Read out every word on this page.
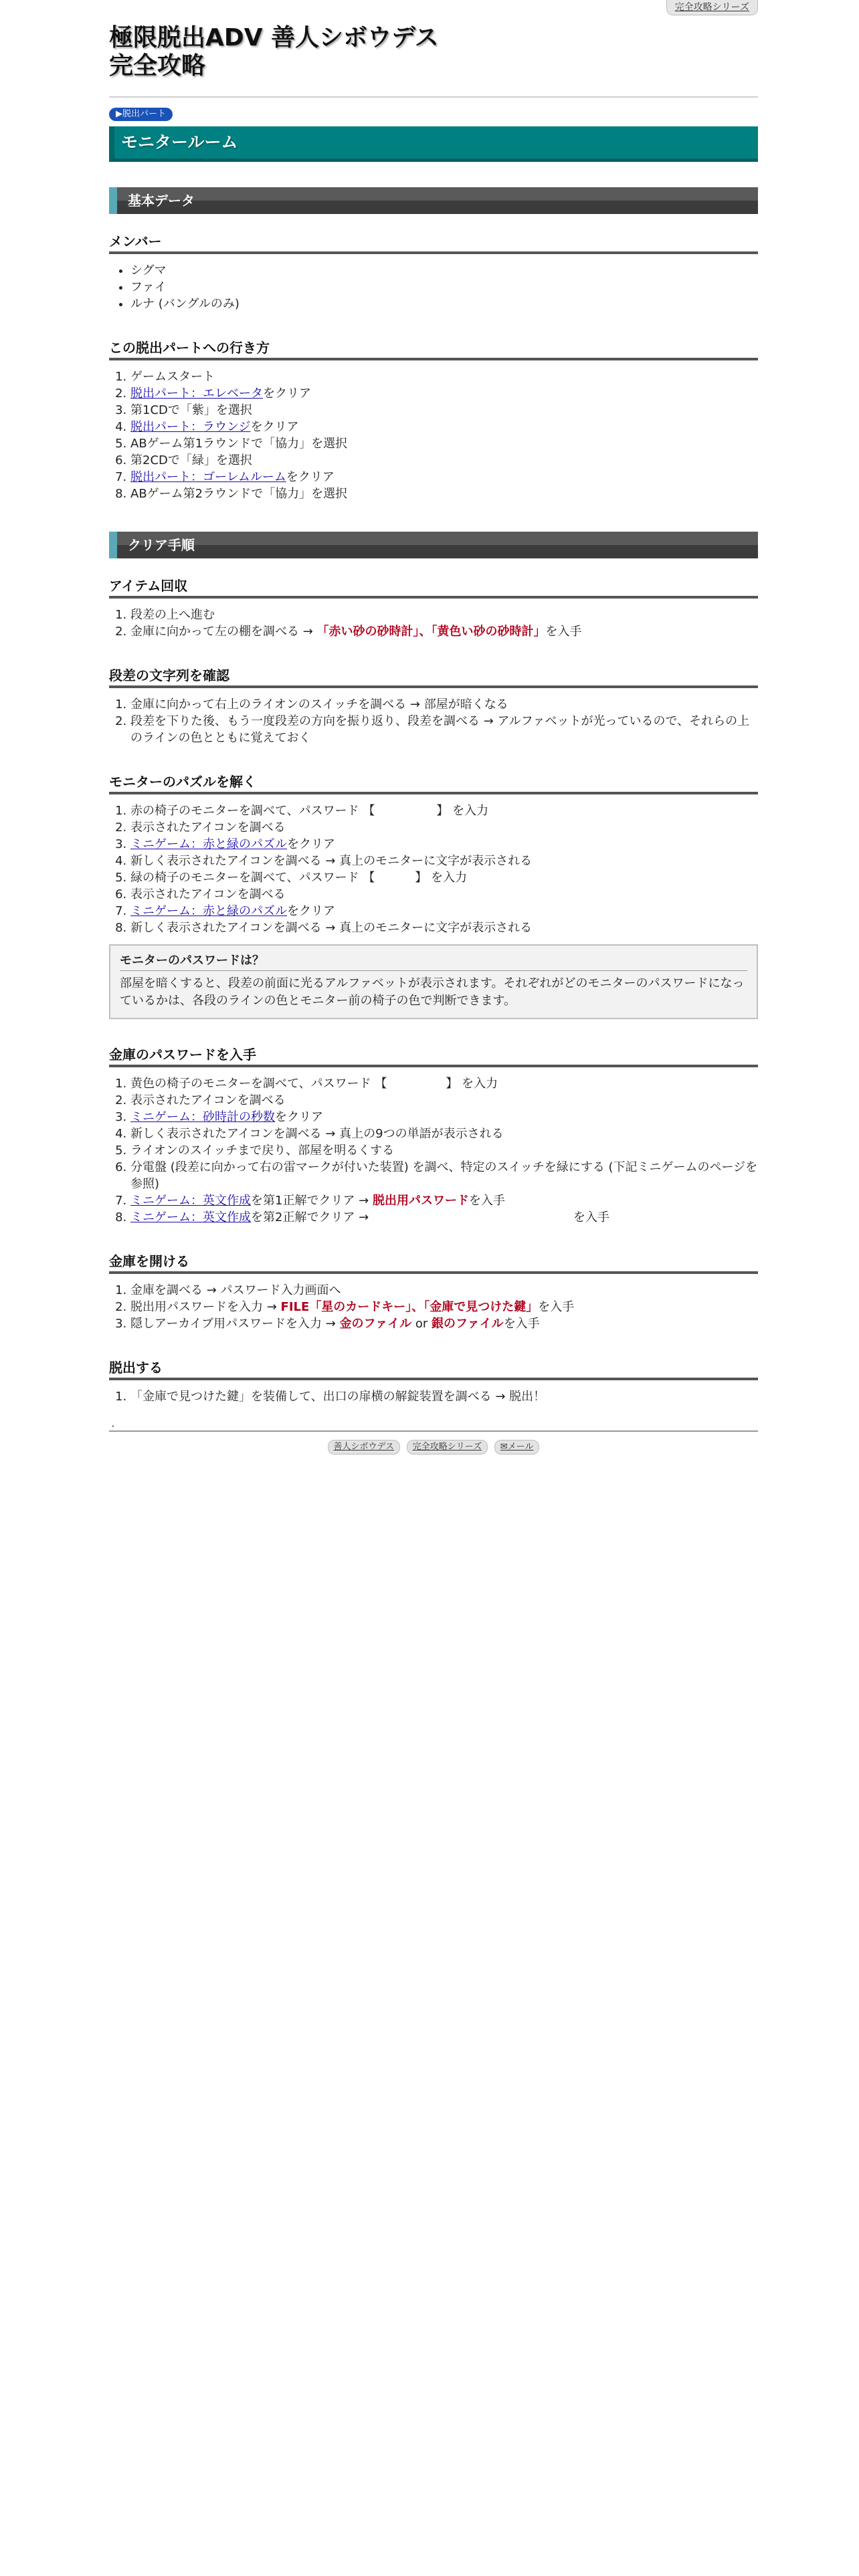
完全攻略シリーズ
極限脱出ADV 善人シボウデス
完全攻略
▶脱出パート
モニタールーム
基本データ
メンバー
• シグマ
• ファイ
• ルナ (バングルのみ)
この脱出パートへの行き方
1. ゲームスタート
2. 脱出パート：エレベータをクリア
3. 第1CDで「紫」を選択
4. 脱出パート：ラウンジをクリア
5. ABゲーム第1ラウンドで「協力」を選択
6. 第2CDで「緑」を選択
7. 脱出パート：ゴーレムルームをクリア
8. ABゲーム第2ラウンドで「協力」を選択
クリア手順
アイテム回収
1. 段差の上へ進む
2. 金庫に向かって左の棚を調べる → 「赤い砂の砂時計」、「黄色い砂の砂時計」を入手
段差の文字列を確認
1. 金庫に向かって右上のライオンのスイッチを調べる → 部屋が暗くなる
2. 段差を下りた後、もう一度段差の方向を振り返り、段差を調べる → アルファベットが光っているので、それらの上のラインの色とともに覚えておく
モニターのパズルを解く
1. 赤の椅子のモニターを調べて、パスワード 【	】 を入力
2. 表示されたアイコンを調べる
3. ミニゲーム：赤と緑のパズルをクリア
4. 新しく表示されたアイコンを調べる → 真上のモニターに文字が表示される
5. 緑の椅子のモニターを調べて、パスワード 【	】 を入力
6. 表示されたアイコンを調べる
7. ミニゲーム：赤と緑のパズルをクリア
8. 新しく表示されたアイコンを調べる → 真上のモニターに文字が表示される
モニターのパスワードは？
部屋を暗くすると、段差の前面に光るアルファベットが表示されます。それぞれがどのモニターのパスワードになっているかは、各段のラインの色とモニター前の椅子の色で判断できます。
金庫のパスワードを入手
1. 黄色の椅子のモニターを調べて、パスワード 【	】 を入力
2. 表示されたアイコンを調べる
3. ミニゲーム：砂時計の秒数をクリア
4. 新しく表示されたアイコンを調べる → 真上の9つの単語が表示される
5. ライオンのスイッチまで戻り、部屋を明るくする
6. 分電盤 (段差に向かって右の雷マークが付いた装置) を調べ、特定のスイッチを緑にする (下記ミニゲームのページを参照)
7. ミニゲーム：英文作成を第1正解でクリア → 脱出用パスワードを入手
8. ミニゲーム：英文作成を第2正解でクリア →	を入手
金庫を開ける
1. 金庫を調べる → パスワード入力画面へ
2. 脱出用パスワードを入力 → FILE「星のカードキー」、「金庫で見つけた鍵」を入手
3. 隠しアーカイブ用パスワードを入力 → 金のファイル or 銀のファイルを入手
脱出する
1. 「金庫で見つけた鍵」を装備して、出口の扉横の解錠装置を調べる → 脱出！
・
善人シボウデス 完全攻略シリーズ ✉メール
